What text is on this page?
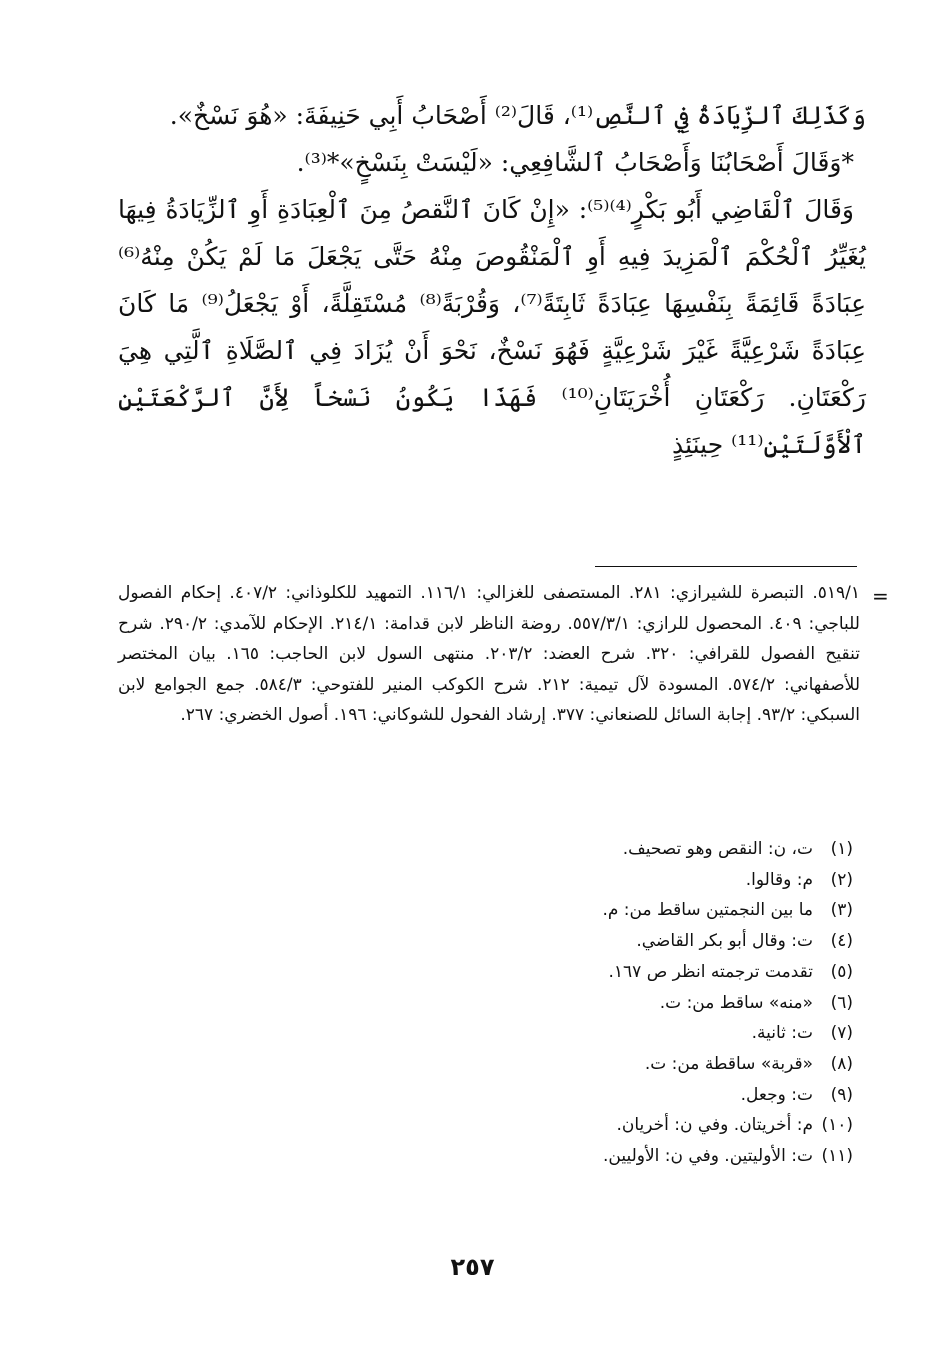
وَكَذَلِكَ ٱلزِّيَادَةُ فِي ٱلنَّصِ⁽¹⁾، قَالَ⁽²⁾ أَصْحَابُ أَبِي حَنِيفَةَ: «هُوَ نَسْخٌ».

*وَقَالَ أَصْحَابُنَا وَأَصْحَابُ ٱلشَّافِعِي: «لَيْسَتْ بِنَسْخٍ»*⁽³⁾.

وَقَالَ ٱلْقَاضِي أَبُو بَكْرٍ⁽⁴⁾⁽⁵⁾: «إِنْ كَانَ ٱلنَّقصُ مِنَ ٱلْعِبَادَةِ أَوِ ٱلزِّيَادَةُ فِيهَا يُغَيِّرُ ٱلْحُكْمَ ٱلْمَزِيدَ فِيهِ أَوِ ٱلْمَنْقُوصَ مِنْهُ حَتَّى يَجْعَلَ مَا لَمْ يَكُنْ مِنْهُ⁽⁶⁾ عِبَادَةً قَائِمَةً بِنَفْسِهَا عِبَادَةً ثَابِتَةً⁽⁷⁾، وَقُرْبَةً⁽⁸⁾ مُسْتَقِلَّةً، أَوْ يَجْعَلُ⁽⁹⁾ مَا كَانَ عِبَادَةً شَرْعِيَّةً غَيْرَ شَرْعِيَّةٍ فَهُوَ نَسْخٌ، نَحْوَ أَنْ يُزَادَ فِي ٱلصَّلَاةِ ٱلَّتِي هِيَ رَكْعَتَانِ. رَكْعَتَانِ أُخْرَيَتَانِ⁽¹⁰⁾ فَهَذَا يَكُونُ نَسْخاً لِأَنَّ ٱلرَّكْعَتَيْنِ ٱلْأَوَّلَتَيْنِ⁽¹¹⁾ حِينَئِذٍ

=

٥١٩/١. التبصرة للشيرازي: ٢٨١. المستصفى للغزالي: ١١٦/١. التمهيد للكلوذاني: ٤٠٧/٢. إحكام الفصول للباجي: ٤٠٩. المحصول للرازي: ٥٥٧/٣/١. روضة الناظر لابن قدامة: ٢١٤/١. الإحكام للآمدي: ٢٩٠/٢. شرح تنقيح الفصول للقرافي: ٣٢٠. شرح العضد: ٢٠٣/٢. منتهى السول لابن الحاجب: ١٦٥. بيان المختصر للأصفهاني: ٥٧٤/٢. المسودة لآل تيمية: ٢١٢. شرح الكوكب المنير للفتوحي: ٥٨٤/٣. جمع الجوامع لابن السبكي: ٩٣/٢. إجابة السائل للصنعاني: ٣٧٧. إرشاد الفحول للشوكاني: ١٩٦. أصول الخضري: ٢٦٧.

(١)
ت، ن: النقص وهو تصحيف.
(٢)
م: وقالوا.
(٣)
ما بين النجمتين ساقط من: م.
(٤)
ت: وقال أبو بكر القاضي.
(٥)
تقدمت ترجمته انظر ص ١٦٧.
(٦)
«منه» ساقط من: ت.
(٧)
ت: ثانية.
(٨)
«قربة» ساقطة من: ت.
(٩)
ت: وجعل.
(١٠)
م: أخريتان. وفي ن: أخريان.
(١١)
ت: الأوليتين. وفي ن: الأوليين.
٢٥٧
